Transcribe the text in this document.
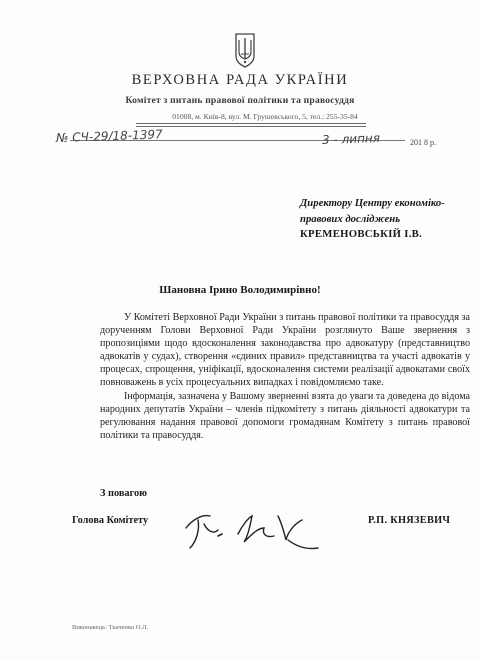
ВЕРХОВНА РАДА УКРАЇНИ
Комітет з питань правової політики та правосуддя
01008, м. Київ-8, вул. М. Грушевського, 5, тел.: 255-35-84
№ СЧ-29/18-1397	3 - липня	201 8 р.
Директору Центру економіко-
правових досліджень
КРЕМЕНОВСЬКІЙ І.В.
Шановна Ірино Володимирівно!

У Комітеті Верховної Ради України з питань правової політики та правосуддя за дорученням Голови Верховної Ради України розглянуто Ваше звернення з пропозиціями щодо вдосконалення законодавства про адвокатуру (представництво адвокатів у судах), створення «єдиних правил» представництва та участі адвокатів у процесах, спрощення, уніфікації, вдосконалення системи реалізації адвокатами своїх повноважень в усіх процесуальних випадках і повідомляємо таке.

Інформація, зазначена у Вашому зверненні взята до уваги та доведена до відома народних депутатів України – членів підкомітету з питань діяльності адвокатури та регулювання надання правової допомоги громадянам Комітету з питань правової політики та правосуддя.

З повагою
Голова Комітету	Р.П. КНЯЗЕВИЧ
Виконавець: Ткаченко О.Л.
